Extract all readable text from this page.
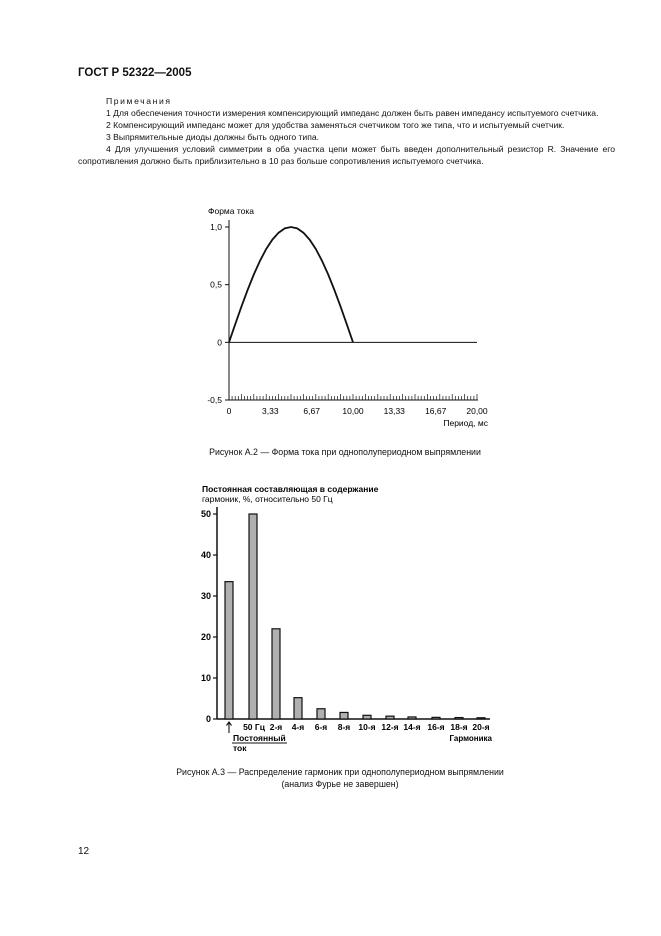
ГОСТ Р 52322—2005
Примечания
1 Для обеспечения точности измерения компенсирующий импеданс должен быть равен импедансу испытуемого счетчика.
2 Компенсирующий импеданс может для удобства заменяться счетчиком того же типа, что и испытуемый счетчик.
3 Выпрямительные диоды должны быть одного типа.
4 Для улучшения условий симметрии в оба участка цепи может быть введен дополнительный резистор R. Значение его сопротивления должно быть приблизительно в 10 раз больше сопротивления испытуемого счетчика.
Форма тока
1,0
0,5
0
-0,5
0	3,33	6,67	10,00 13,33 16,67 20,00
Период, мс
Рисунок А.2 — Форма тока при однополупериодном выпрямлении
Постоянная составляющая в содержание
гармоник, %, относительно 50 Гц
50
40
30
20
10
0
50 Гц 2-я 4-я 6-я 8-я 10-я 12-я 14-я 16-я 18-я 20-я
Постоянный
ток
Гармоника
Рисунок А.3 — Распределение гармоник при однополупериодном выпрямлении
(анализ Фурье не завершен)
12
